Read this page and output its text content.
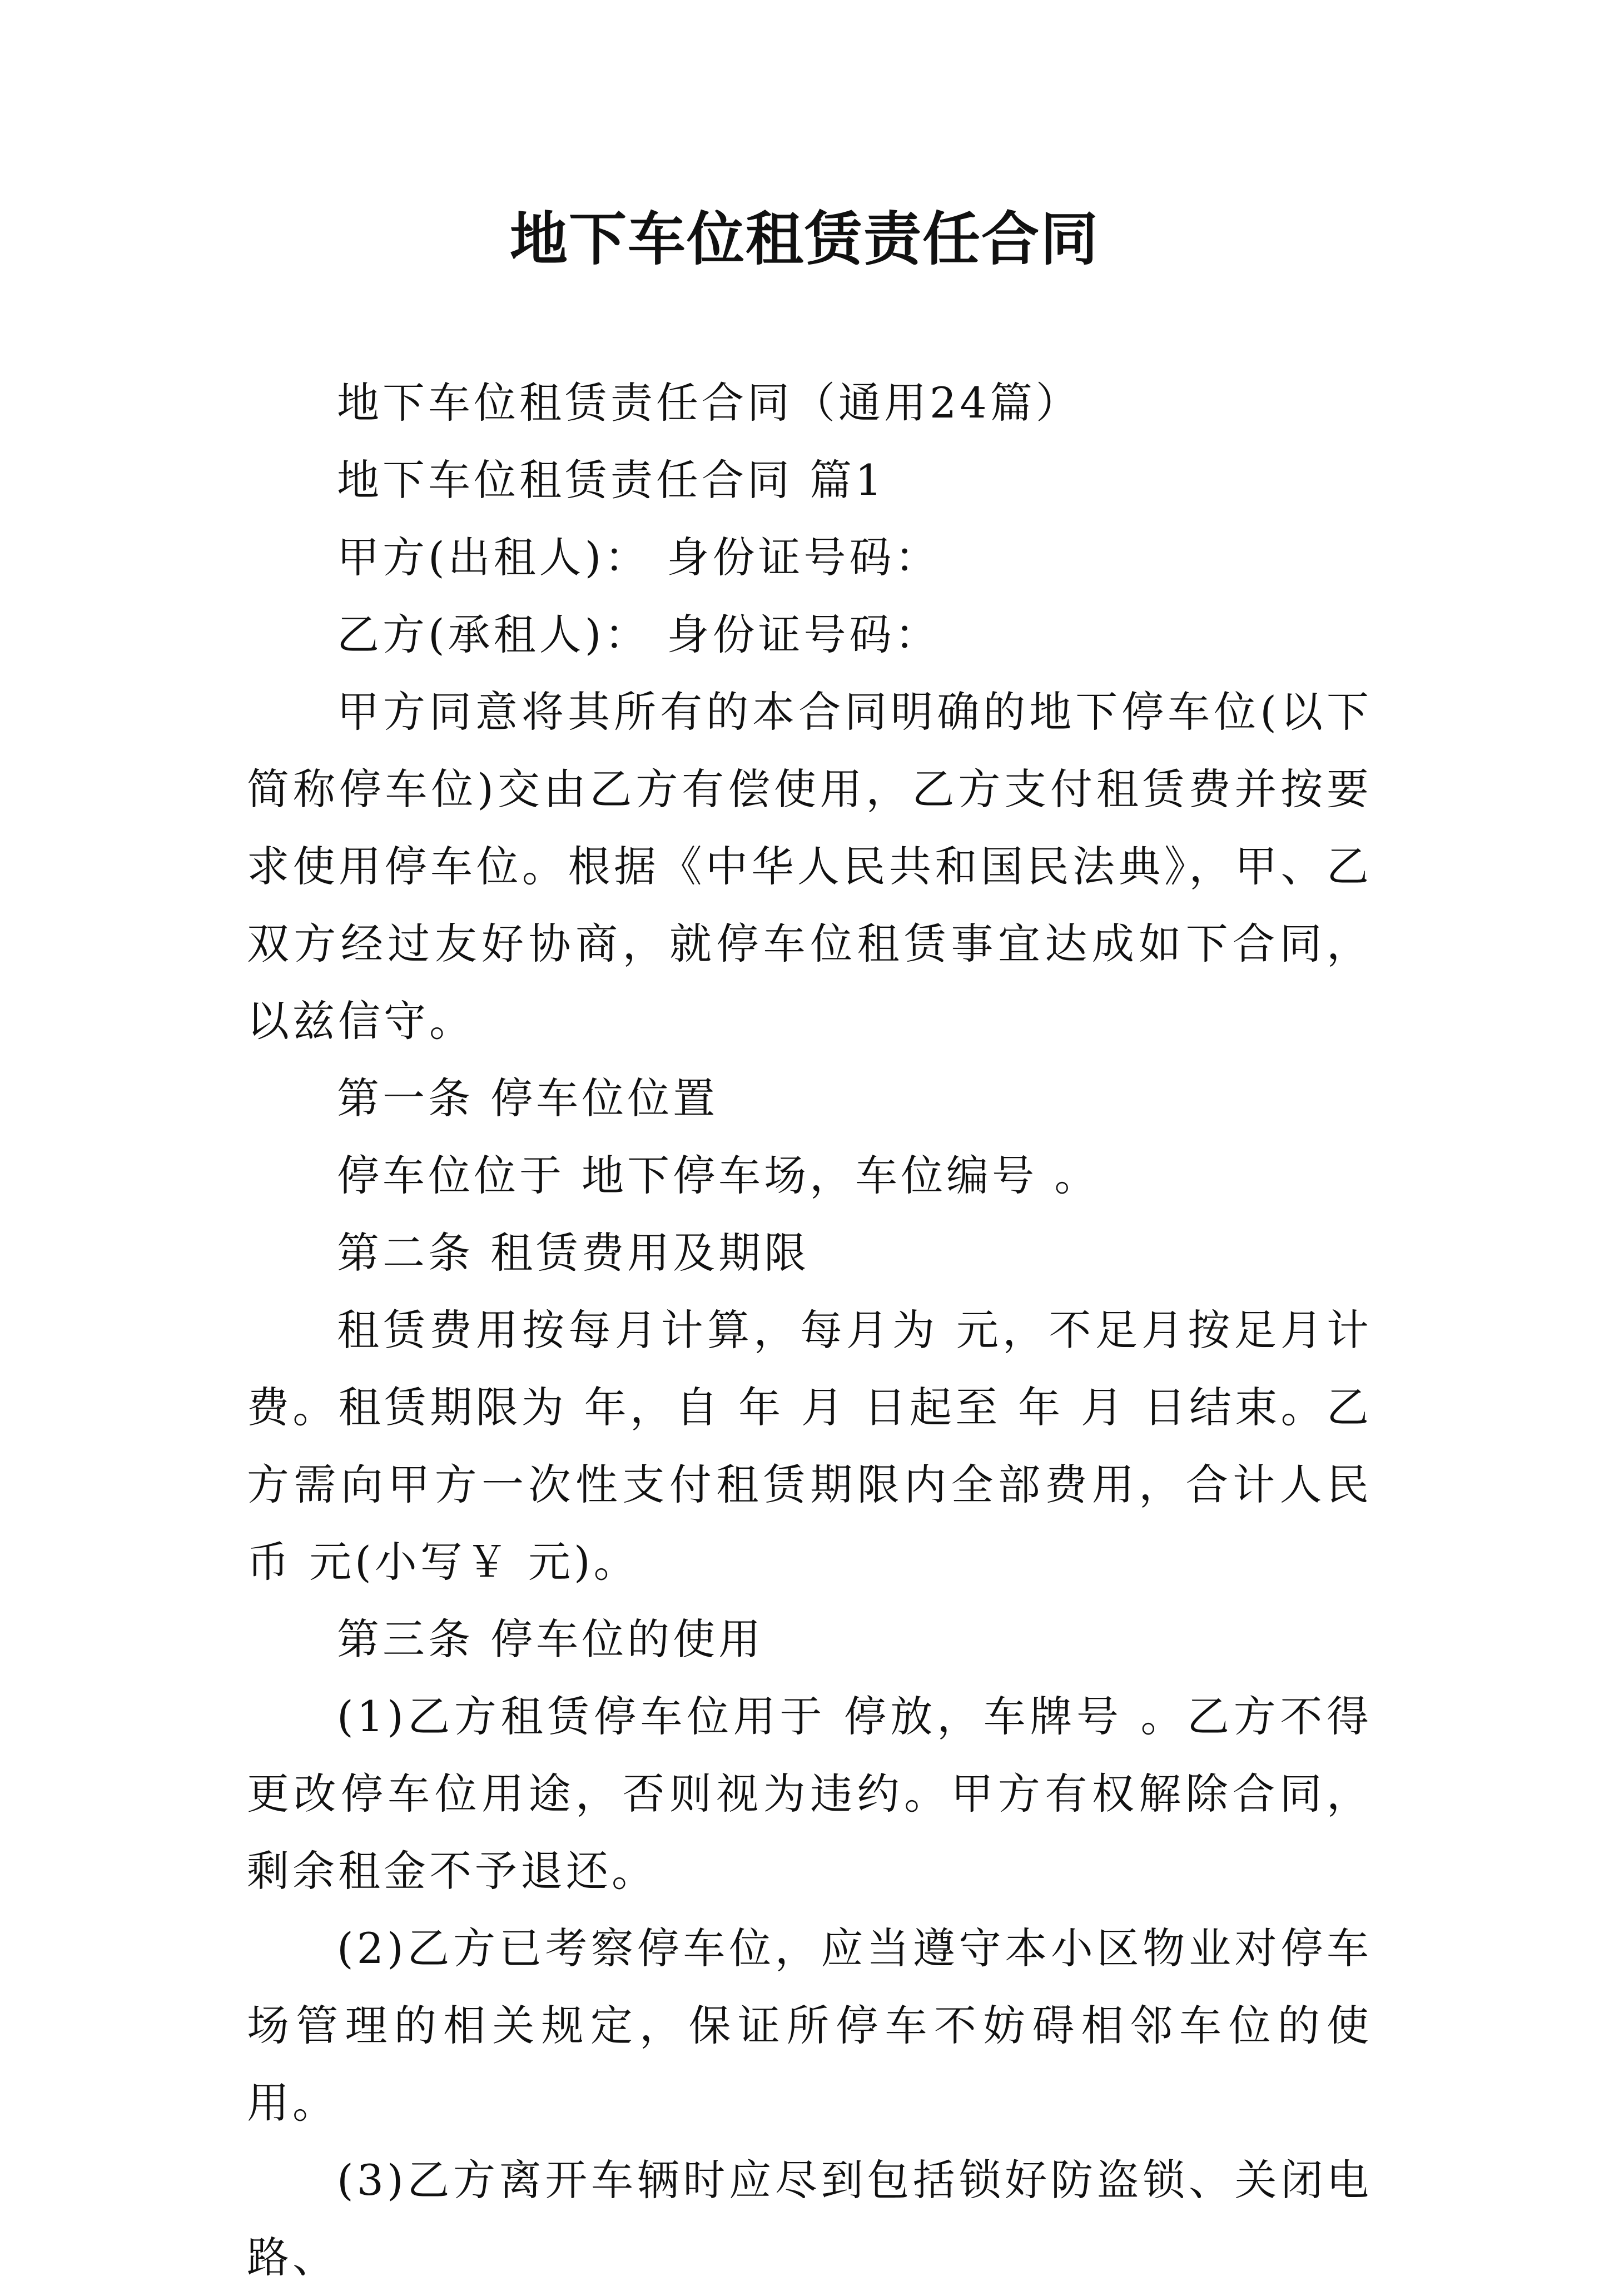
地下车位租赁责任合同

地下车位租赁责任合同（通用24篇）

地下车位租赁责任合同 篇1

甲方(出租人)： 身份证号码：

乙方(承租人)： 身份证号码：

甲方同意将其所有的本合同明确的地下停车位(以下简称停车位)交由乙方有偿使用，乙方支付租赁费并按要求使用停车位。根据《中华人民共和国民法典》，甲、乙双方经过友好协商，就停车位租赁事宜达成如下合同，以兹信守。

第一条 停车位位置

停车位位于 地下停车场，车位编号 。

第二条 租赁费用及期限

租赁费用按每月计算，每月为 元，不足月按足月计费。租赁期限为 年，自 年 月 日起至 年 月 日结束。乙方需向甲方一次性支付租赁期限内全部费用，合计人民币 元(小写￥ 元)。

第三条 停车位的使用

(1)乙方租赁停车位用于 停放，车牌号 。乙方不得更改停车位用途，否则视为违约。甲方有权解除合同，剩余租金不予退还。

(2)乙方已考察停车位，应当遵守本小区物业对停车场管理的相关规定，保证所停车不妨碍相邻车位的使用。

(3)乙方离开车辆时应尽到包括锁好防盗锁、关闭电路、
